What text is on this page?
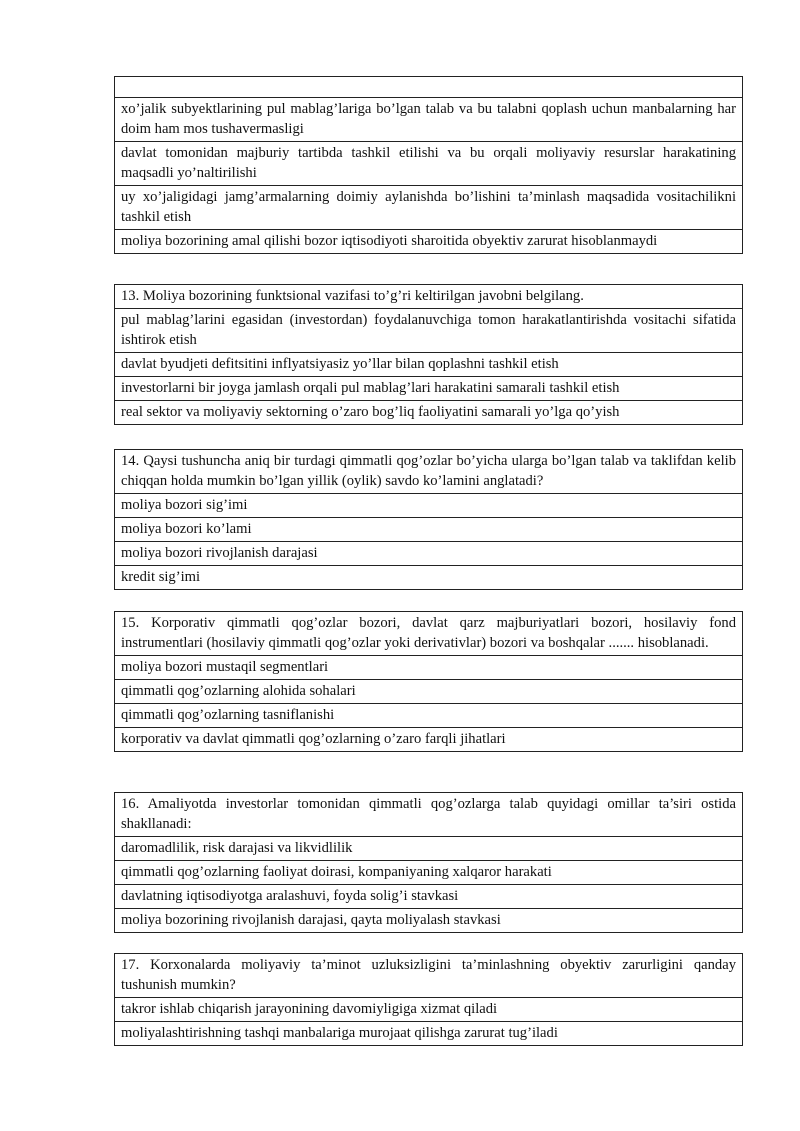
xo’jalik subyektlarining pul mablag’lariga bo’lgan talab va bu talabni qoplash uchun manbalarning har doim ham mos tushavermasligi
davlat tomonidan majburiy tartibda tashkil etilishi va bu orqali moliyaviy resurslar harakatining maqsadli yo’naltirilishi
uy xo’jaligidagi jamg’armalarning doimiy aylanishda bo’lishini ta’minlash maqsadida vositachilikni tashkil etish
moliya bozorining amal qilishi bozor iqtisodiyoti sharoitida obyektiv zarurat hisoblanmaydi
13. Moliya bozorining funktsional vazifasi to’g’ri keltirilgan javobni belgilang.
pul mablag’larini egasidan (investordan) foydalanuvchiga tomon harakatlantirishda vositachi sifatida ishtirok etish
davlat byudjeti defitsitini inflyatsiyasiz yo’llar bilan qoplashni tashkil etish
investorlarni bir joyga jamlash orqali pul mablag’lari harakatini samarali tashkil etish
real sektor va moliyaviy sektorning o’zaro bog’liq faoliyatini samarali yo’lga qo’yish
14. Qaysi tushuncha aniq bir turdagi qimmatli qog’ozlar bo’yicha ularga bo’lgan talab va taklifdan kelib chiqqan holda mumkin bo’lgan yillik (oylik) savdo ko’lamini anglatadi?
moliya bozori sig’imi
moliya bozori ko’lami
moliya bozori rivojlanish darajasi
kredit sig’imi
15. Korporativ qimmatli qog’ozlar bozori, davlat qarz majburiyatlari bozori, hosilaviy fond instrumentlari (hosilaviy qimmatli qog’ozlar yoki derivativlar) bozori va boshqalar ....... hisoblanadi.
moliya bozori mustaqil segmentlari
qimmatli qog’ozlarning alohida sohalari
qimmatli qog’ozlarning tasniflanishi
korporativ va davlat qimmatli qog’ozlarning o’zaro farqli jihatlari
16. Amaliyotda investorlar tomonidan qimmatli qog’ozlarga talab quyidagi omillar ta’siri ostida shakllanadi:
daromadlilik, risk darajasi va likvidlilik
qimmatli qog’ozlarning faoliyat doirasi, kompaniyaning xalqaror harakati
davlatning iqtisodiyotga aralashuvi, foyda solig’i stavkasi
moliya bozorining rivojlanish darajasi, qayta moliyalash stavkasi
17. Korxonalarda moliyaviy ta’minot uzluksizligini ta’minlashning obyektiv zarurligini qanday tushunish mumkin?
takror ishlab chiqarish jarayonining davomiyligiga xizmat qiladi
moliyalashtirishning tashqi manbalariga murojaat qilishga zarurat tug’iladi
